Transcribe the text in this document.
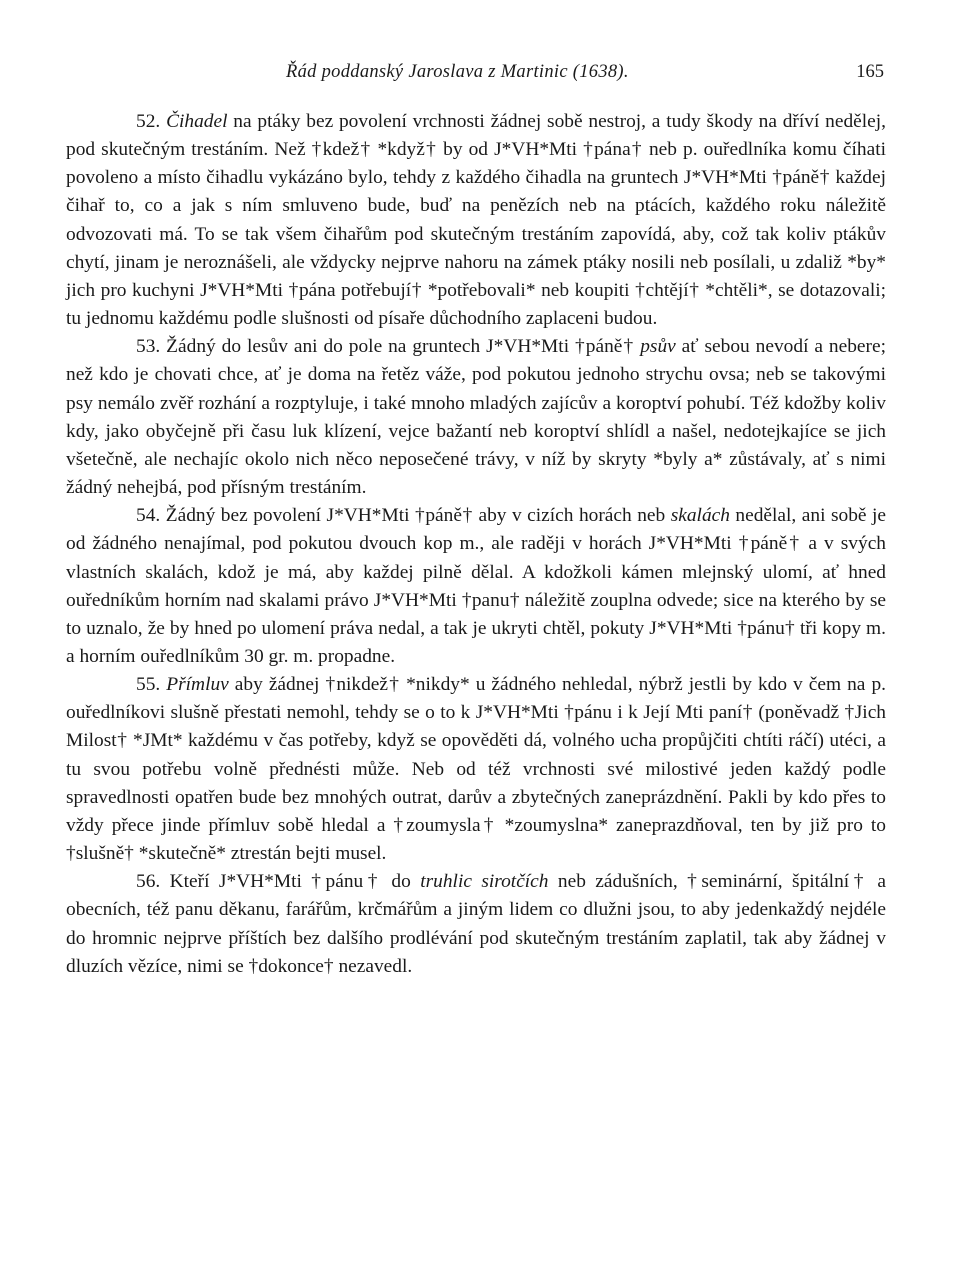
Řád poddanský Jaroslava z Martinic (1638).	165

52. Čihadel na ptáky bez povolení vrchnosti žádnej sobě nestroj, a tudy škody na dříví nedělej, pod skutečným trestáním. Než †kdež† *když† by od J*VH*Mti †pána† neb p. ouředlníka komu číhati povoleno a místo čihadlu vykázáno bylo, tehdy z každého čihadla na gruntech J*VH*Mti †páně† každej čihař to, co a jak s ním smluveno bude, buď na penězích neb na ptácích, každého roku náležitě odvozovati má. To se tak všem čihařům pod skutečným trestáním zapovídá, aby, což tak koliv ptákův chytí, jinam je neroznášeli, ale vždycky nejprve nahoru na zámek ptáky nosili neb posílali, u zdaliž *by* jich pro kuchyni J*VH*Mti †pána potřebují† *potřebovali* neb koupiti †chtějí† *chtěli*, se dotazovali; tu jednomu každému podle slušnosti od písaře důchodního zaplaceni budou.

53. Žádný do lesův ani do pole na gruntech J*VH*Mti †páně† psův ať sebou nevodí a nebere; než kdo je chovati chce, ať je doma na řetěz váže, pod pokutou jednoho strychu ovsa; neb se takovými psy nemálo zvěř rozhání a rozptyluje, i také mnoho mladých zajícův a koroptví pohubí. Též kdožby koliv kdy, jako obyčejně při času luk klízení, vejce bažantí neb koroptví shlídl a našel, nedotejkajíce se jich všetečně, ale nechajíc okolo nich něco neposečené trávy, v níž by skryty *byly a* zůstávaly, ať s nimi žádný nehejbá, pod přísným trestáním.

54. Žádný bez povolení J*VH*Mti †páně† aby v cizích horách neb skalách nedělal, ani sobě je od žádného nenajímal, pod pokutou dvouch kop m., ale raději v horách J*VH*Mti †páně† a v svých vlastních skalách, kdož je má, aby každej pilně dělal. A kdožkoli kámen mlejnský ulomí, ať hned ouředníkům horním nad skalami právo J*VH*Mti †panu† náležitě zouplna odvede; sice na kterého by se to uznalo, že by hned po ulomení práva nedal, a tak je ukryti chtěl, pokuty J*VH*Mti †pánu† tři kopy m. a horním ouředlníkům 30 gr. m. propadne.

55. Přímluv aby žádnej †nikdež† *nikdy* u žádného nehledal, nýbrž jestli by kdo v čem na p. ouředlníkovi slušně přestati nemohl, tehdy se o to k J*VH*Mti †pánu i k Její Mti paní† (poněvadž †Jich Milost† *JMt* každému v čas potřeby, když se opověděti dá, volného ucha propůjčiti chtíti ráčí) utéci, a tu svou potřebu volně přednésti může. Neb od též vrchnosti své milostivé jeden každý podle spravedlnosti opatřen bude bez mnohých outrat, darův a zbytečných zaneprázdnění. Pakli by kdo přes to vždy přece jinde přímluv sobě hledal a †zoumysla† *zoumyslna* zaneprazdňoval, ten by již pro to †slušně† *skutečně* ztrestán bejti musel.

56. Kteří J*VH*Mti †pánu† do truhlic sirotčích neb zádušních, †seminární, špitální† a obecních, též panu děkanu, farářům, krčmářům a jiným lidem co dlužni jsou, to aby jedenkaždý nejdéle do hromnic nejprve příštích bez dalšího prodlévání pod skutečným trestáním zaplatil, tak aby žádnej v dluzích vězíce, nimi se †dokonce† nezavedl.
